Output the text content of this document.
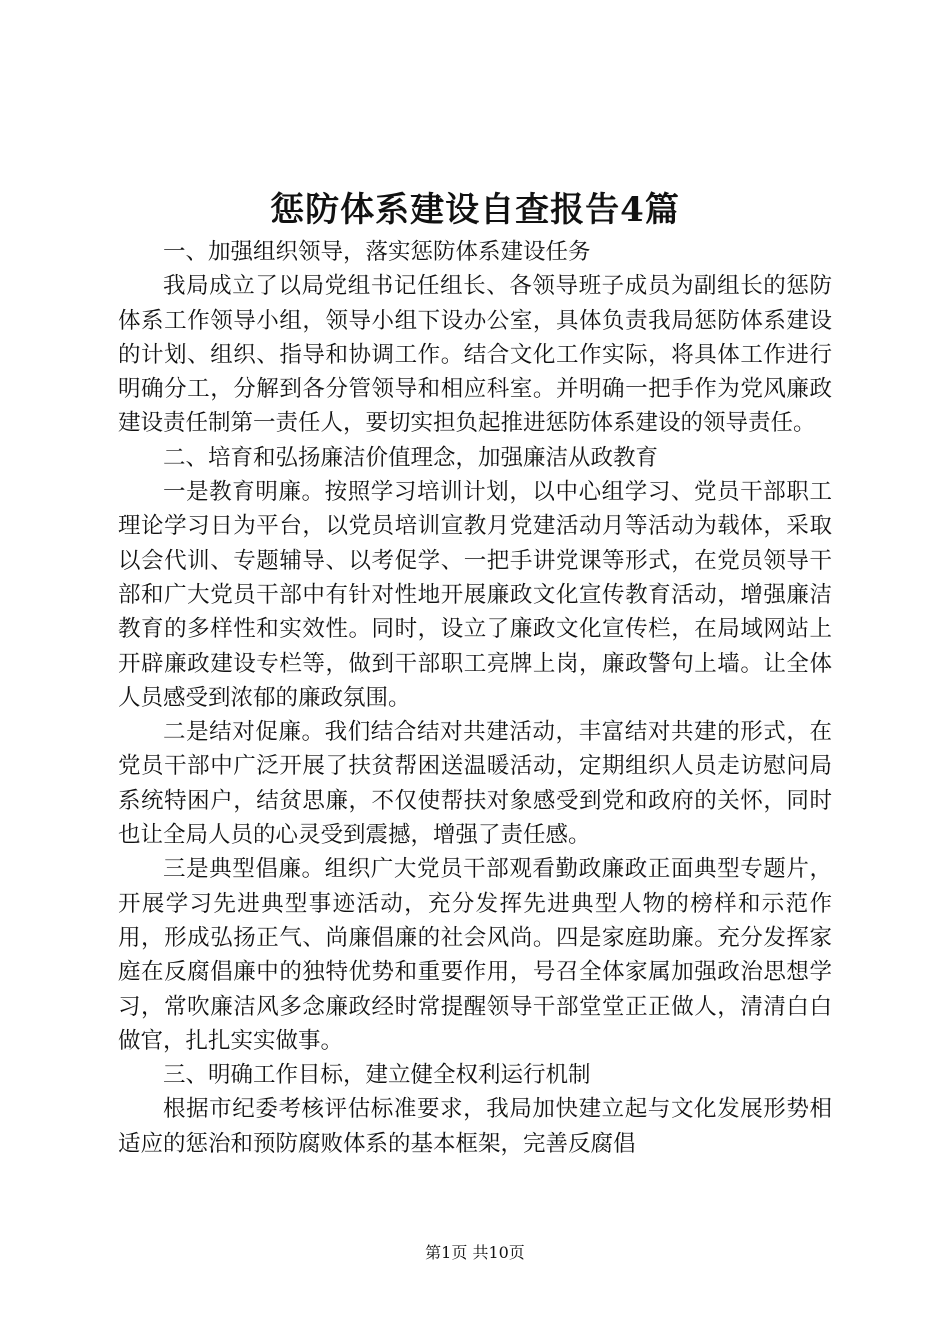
惩防体系建设自查报告4篇

一、加强组织领导，落实惩防体系建设任务

我局成立了以局党组书记任组长、各领导班子成员为副组长的惩防体系工作领导小组，领导小组下设办公室，具体负责我局惩防体系建设的计划、组织、指导和协调工作。结合文化工作实际，将具体工作进行明确分工，分解到各分管领导和相应科室。并明确一把手作为党风廉政建设责任制第一责任人，要切实担负起推进惩防体系建设的领导责任。

二、培育和弘扬廉洁价值理念，加强廉洁从政教育

一是教育明廉。按照学习培训计划，以中心组学习、党员干部职工理论学习日为平台，以党员培训宣教月党建活动月等活动为载体，采取以会代训、专题辅导、以考促学、一把手讲党课等形式，在党员领导干部和广大党员干部中有针对性地开展廉政文化宣传教育活动，增强廉洁教育的多样性和实效性。同时，设立了廉政文化宣传栏，在局域网站上开辟廉政建设专栏等，做到干部职工亮牌上岗，廉政警句上墙。让全体人员感受到浓郁的廉政氛围。

二是结对促廉。我们结合结对共建活动，丰富结对共建的形式，在党员干部中广泛开展了扶贫帮困送温暖活动，定期组织人员走访慰问局系统特困户，结贫思廉，不仅使帮扶对象感受到党和政府的关怀，同时也让全局人员的心灵受到震撼，增强了责任感。

三是典型倡廉。组织广大党员干部观看勤政廉政正面典型专题片，开展学习先进典型事迹活动，充分发挥先进典型人物的榜样和示范作用，形成弘扬正气、尚廉倡廉的社会风尚。四是家庭助廉。充分发挥家庭在反腐倡廉中的独特优势和重要作用，号召全体家属加强政治思想学习，常吹廉洁风多念廉政经时常提醒领导干部堂堂正正做人，清清白白做官，扎扎实实做事。

三、明确工作目标，建立健全权利运行机制

根据市纪委考核评估标准要求，我局加快建立起与文化发展形势相适应的惩治和预防腐败体系的基本框架，完善反腐倡

第1页 共10页
